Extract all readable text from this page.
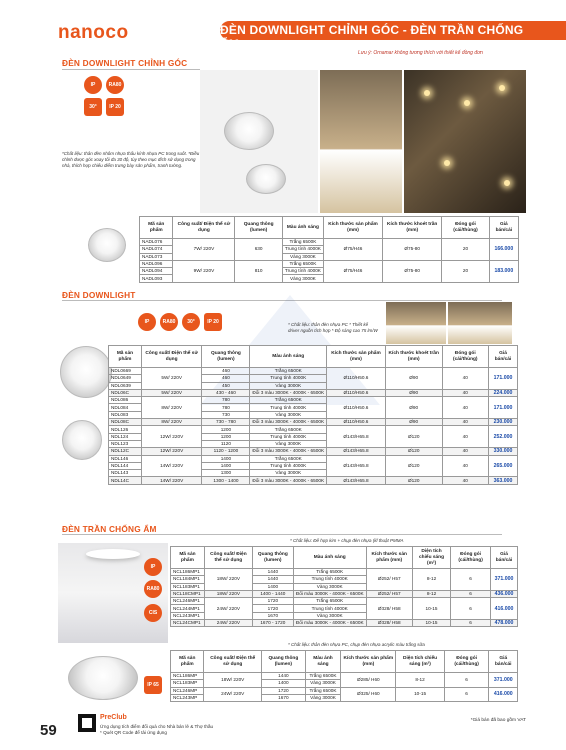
nanoco	ĐÈN DOWNLIGHT CHỈNH GÓC - ĐÈN TRẦN CHỐNG ẨM
ĐÈN DOWNLIGHT CHỈNH GÓC
Lưu ý: Ornamar không tương thích với thiết kế đồng đơn
IP	RA80
30°	IP 20
*Chất liệu: thân đèn nhôm nhựa thấu kính nhựa PC trong suốt. *Điều chỉnh được góc xoay tối đa 30 độ, tùy theo mục đích sử dụng trong nhà, thích hợp chiếu điểm trưng bày sản phẩm, tranh tường.
Mã sản phẩm	Công suất/ Điện thế sử dụng	Quang thông (lumen)	Màu ánh sáng	Kích thước sản phẩm (mm)	Kích thước khoét trần (mm)	Đóng gói (cái/thùng)	Giá bán/cái
NADL076	7W/ 220V	630	Trắng 6500K	Ø75/H46	Ø75-80	20	166.000
NADL074			Trung tính 4000K				
NADL073			Vàng 3000K				
NADL096	9W/ 220V	810	Trắng 6500K	Ø75/H46	Ø75-80	20	183.000
NADL094			Trung tính 4000K				
NADL093			Vàng 3000K				
ĐÈN DOWNLIGHT
IP	RA80	30°	IP 20	* Chất liệu: thân đèn nhựa PC * Thiết kế driver nguồn tích hợp * Độ sáng cao 75 lm/W
Mã sản phẩm	Công suất/ Điện thế sử dụng	Quang thông (lumen)	Màu ánh sáng	Kích thước sản phẩm (mm)	Kích thước khoét trần (mm)	Đóng gói (cái/thùng)	Giá bán/cái
NDL0669	5W/ 220V	460	Trắng 6500K	Ø110/H50.6	Ø90	40	171.000
NDL0649		460	Trung tính 4000K				
NDL0639		450	Vàng 3000K				
NDL06C	5W/ 220V	430 - 460	Đổi 3 màu 3000K - 4000K - 6500K	Ø110/H50.6	Ø90	40	224.000
NDL086	8W/ 220V	780	Trắng 6500K	Ø110/H50.6	Ø90	40	171.000
NDL084		780	Trung tính 4000K				
NDL083		730	Vàng 3000K				
NDL08C	8W/ 220V	730 - 780	Đổi 3 màu 3000K - 4000K - 6500K	Ø110/H50.6	Ø90	40	230.000
NDL126	12W/ 220V	1200	Trắng 6500K	Ø143/H65.8	Ø120	40	252.000
NDL124		1200	Trung tính 4000K				
NDL123		1120	Vàng 3000K				
NDL12C	12W/ 220V	1120 - 1200	Đổi 3 màu 3000K - 4000K - 6500K	Ø143/H65.8	Ø120	40	330.000
NDL146	14W/ 220V	1400	Trắng 6500K	Ø143/H65.8	Ø120	40	265.000
NDL144		1400	Trung tính 4000K				
NDL143		1300	Vàng 3000K				
NDL14C	14W/ 220V	1300 - 1400	Đổi 3 màu 3000K - 4000K - 6500K	Ø143/H65.8	Ø120	40	363.000
ĐÈN TRẦN CHỐNG ẨM
* Chất liệu: Đế hợp kim + chụp đèn nhựa (kĩ thuật PMMA
* Chất liệu: thân đèn nhựa PC, chụp đèn nhựa acrylic màu trắng sữa
IP
RA80
CIS
IP 65
Mã sản phẩm	Công suất/ Điện thế sử dụng	Quang thông (lumen)	Màu ánh sáng	Kích thước sản phẩm (mm)	Diện tích chiếu sáng (m²)	Đóng gói (cái/thùng)	Giá bán/cái
NCL186MP1	18W/ 220V	1440	Trắng 6500K	Ø252/ H57	8-12	6	371.000
NCL184MP1		1440	Trung tính 4000K				
NCL183MP1		1400	Vàng 3000K				
NCL18CMP1	18W/ 220V	1400 - 1440	Đổi màu 3000K - 4000K - 6500K	Ø252/ H57	8-12	6	436.000
NCL246MP1	24W/ 220V	1720	Trắng 6500K	Ø328/ H58	10-15	6	416.000
NCL244MP1		1720	Trung tính 4000K				
NCL243MP1		1670	Vàng 3000K				
NCL24CMP1	24W/ 220V	1670 - 1720	Đổi màu 3000K - 4000K - 6500K	Ø328/ H58	10-15	6	478.000
Mã sản phẩm	Công suất/ Điện thế sử dụng	Quang thông (lumen)	Màu ánh sáng	Kích thước sản phẩm (mm)	Diện tích chiếu sáng (m²)	Đóng gói (cái/thùng)	Giá bán/cái
NCL186MP	18W/ 220V	1440	Trắng 6500K	Ø285/ H60	8-12	6	371.000
NCL183MP		1400	Vàng 3000K				
NCL246MP	24W/ 220V	1720	Trắng 6500K	Ø325/ H60	10-15	6	416.000
NCL243MP		1670	Vàng 3000K				
59
PreClub
Ứng dụng tích điểm đổi quà cho Nhà bán lẻ & Thợ thầu
* Quét QR Code để tải ứng dụng
*Giá bán đã bao gồm VAT
